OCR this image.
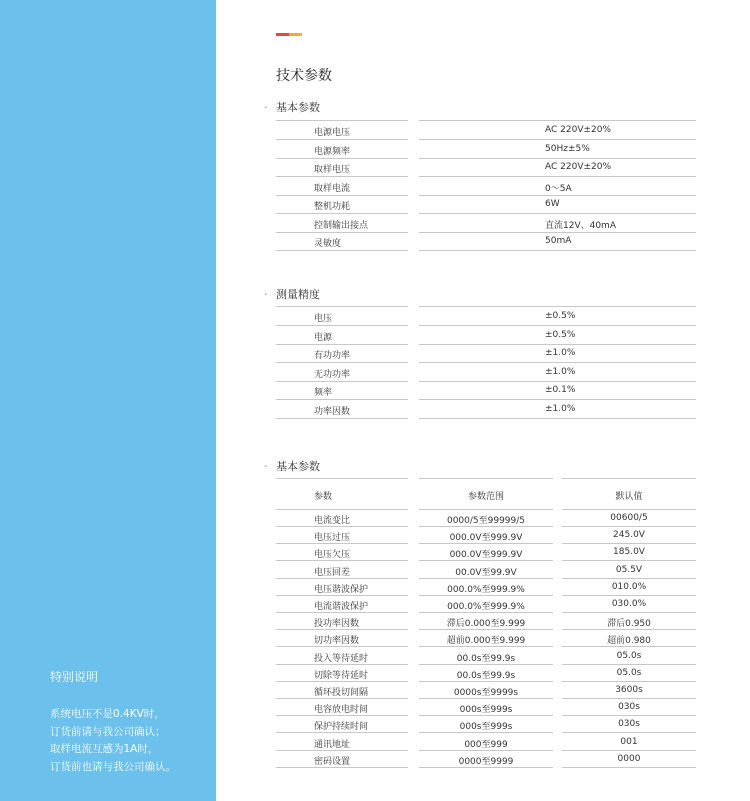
特别说明
系统电压不是0.4KV时，
订货前请与我公司确认；
取样电流互感为1A时，
订货前也请与我公司确认。
技术参数
· 基本参数
电源电压	AC 220V±20%
电源频率	50Hz±5%
取样电压	AC 220V±20%
取样电流	0～5A
整机功耗	6W
控制输出接点	直流12V、40mA
灵敏度	50mA
· 测量精度
电压	±0.5%
电源	±0.5%
有功功率	±1.0%
无功功率	±1.0%
频率	±0.1%
功率因数	±1.0%
· 基本参数
参数	参数范围	默认值
电流变比	0000/5至99999/5	00600/5
电压过压	000.0V至999.9V	245.0V
电压欠压	000.0V至999.9V	185.0V
电压回差	00.0V至99.9V	05.5V
电压谐波保护	000.0%至999.9%	010.0%
电流谐波保护	000.0%至999.9%	030.0%
投功率因数	滞后0.000至9.999	滞后0.950
切功率因数	超前0.000至9.999	超前0.980
投入等待延时	00.0s至99.9s	05.0s
切除等待延时	00.0s至99.9s	05.0s
循环投切间隔	0000s至9999s	3600s
电容放电时间	000s至999s	030s
保护持续时间	000s至999s	030s
通讯地址	000至999	001
密码设置	0000至9999	0000
